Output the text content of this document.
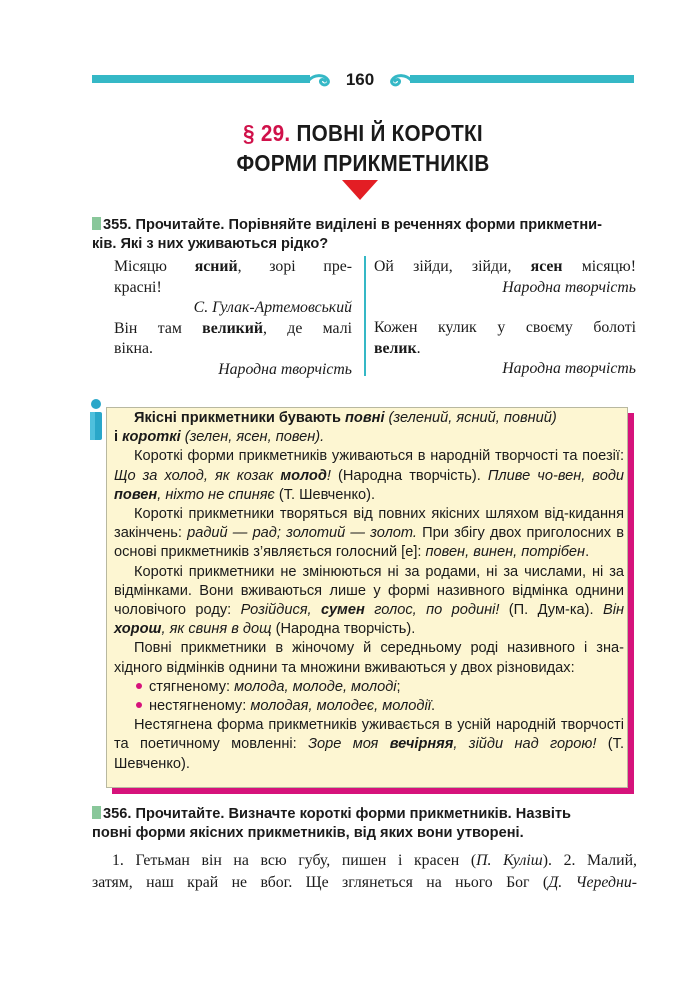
160
§ 29. ПОВНІ Й КОРОТКІ
ФОРМИ ПРИКМЕТНИКІВ
355. Прочитайте. Порівняйте виділені в реченнях форми прикметни-
ків. Які з них уживаються рідко?
Місяцю ясний, зорі пре-
красні!
С. Гулак-Артемовський
Він там великий, де малі
вікна.
Народна творчість
Ой зійди, зійди, ясен місяцю!
Народна творчість
Кожен кулик у своєму болоті
велик.
Народна творчість

Якісні прикметники бувають повні (зелений, ясний, повний)
і короткі (зелен, ясен, повен).

Короткі форми прикметників уживаються в народній творчості та поезії: Що за холод, як козак молод! (Народна творчість). Пливе чо-вен, води повен, ніхто не спиняє (Т. Шевченко).

Короткі прикметники творяться від повних якісних шляхом від-кидання закінчень: радий — рад; золотий — золот. При збігу двох приголосних в основі прикметників з’являється голосний [е]: повен, винен, потрібен.

Короткі прикметники не змінюються ні за родами, ні за числами, ні за відмінками. Вони вживаються лише у формі називного відмінка однини чоловічого роду: Розійдися, сумен голос, по родині! (П. Дум-ка). Він хорош, як свиня в дощ (Народна творчість).

Повні прикметники в жіночому й середньому роді називного і зна-хідного відмінків однини та множини вживаються у двох різновидах:

стягненому: молода, молоде, молоді;

нестягненому: молодая, молодеє, молодії.

Нестягнена форма прикметників уживається в усній народній творчості та поетичному мовленні: Зоре моя вечірняя, зійди над горою! (Т. Шевченко).

356. Прочитайте. Визначте короткі форми прикметників. Назвіть
повні форми якісних прикметників, від яких вони утворені.
1. Гетьман він на всю губу, пишен і красен (П. Куліш). 2. Малий,
затям, наш край не вбог. Ще зглянеться на нього Бог (Д. Чередни-
